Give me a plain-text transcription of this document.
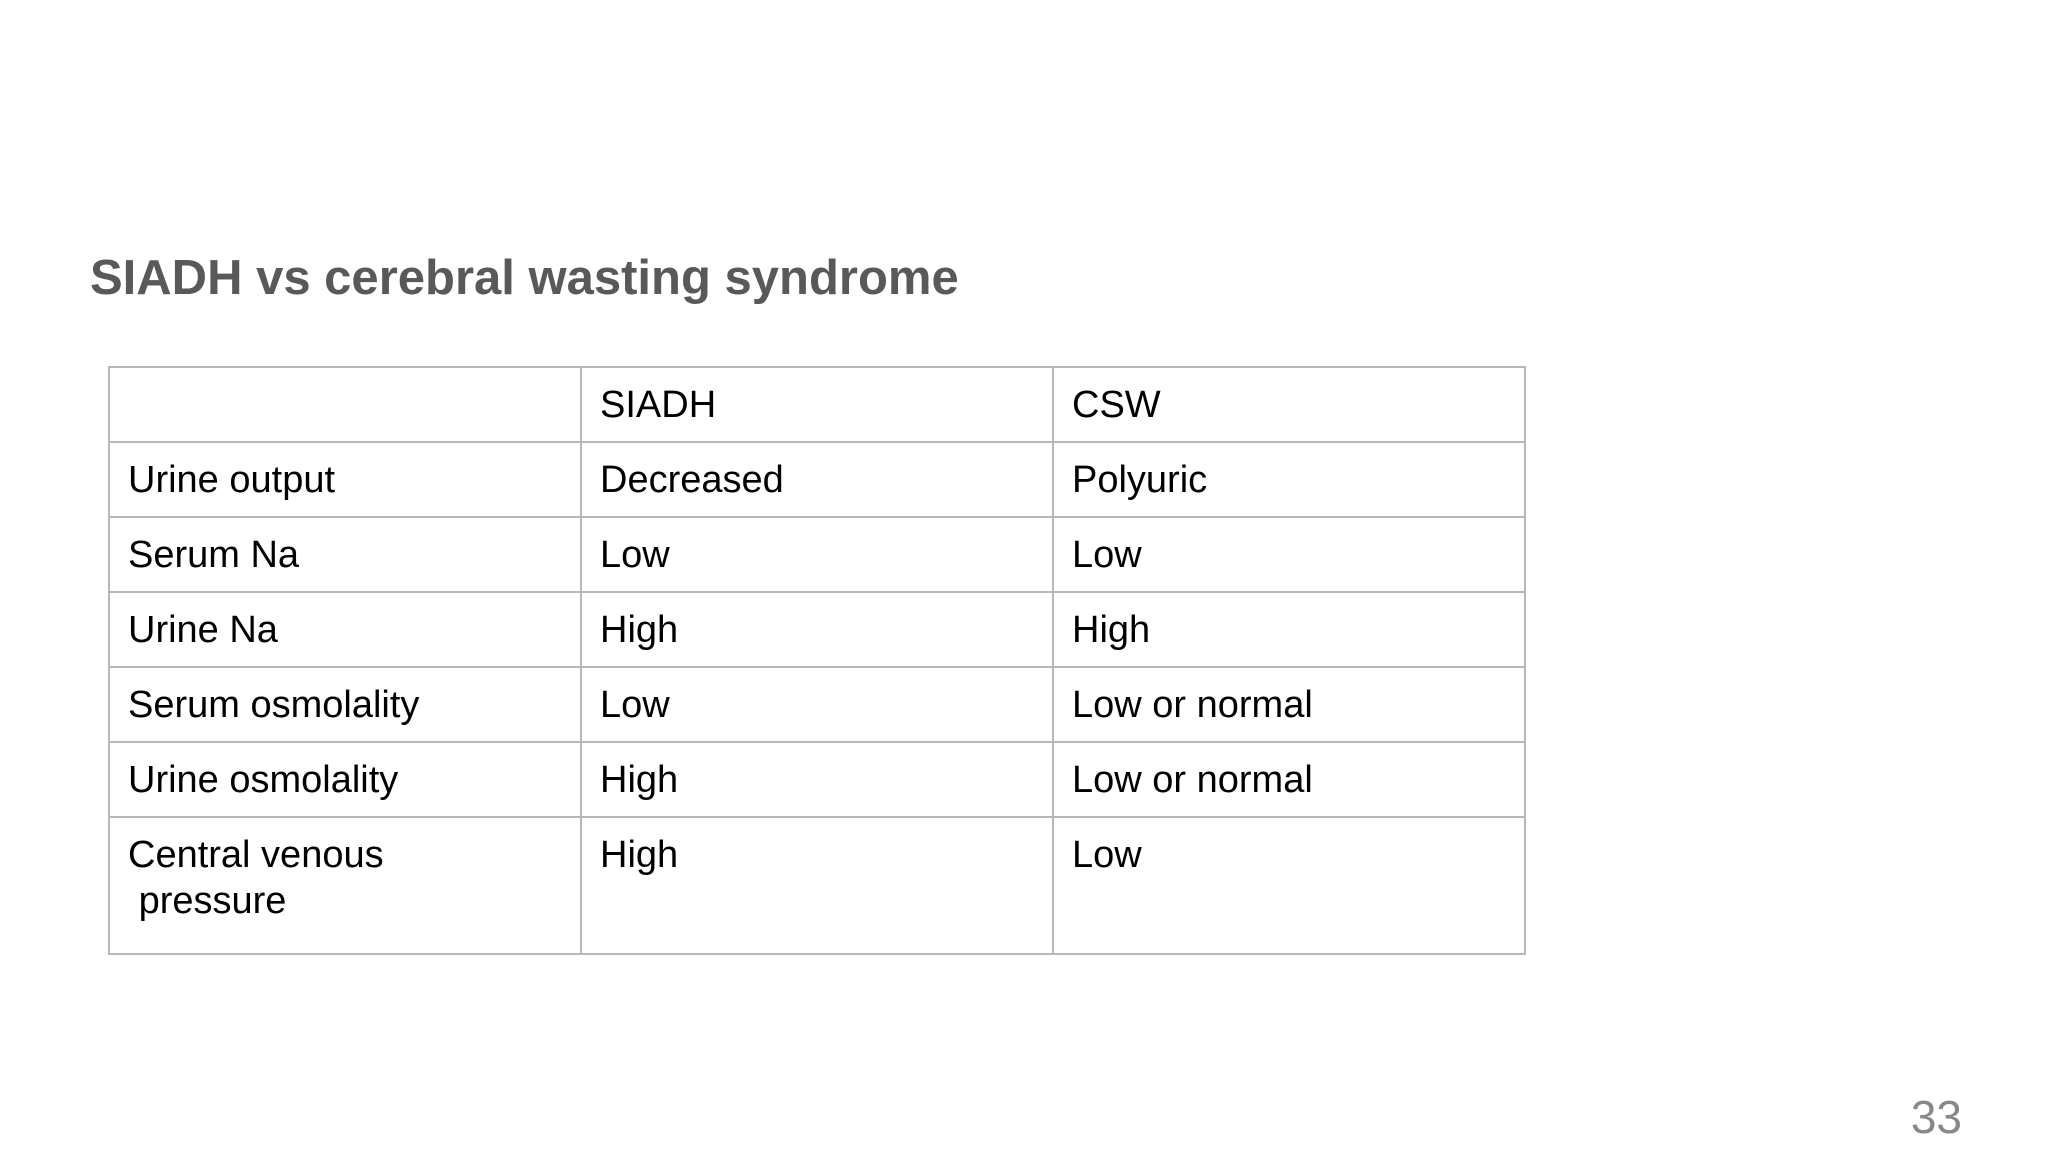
SIADH vs cerebral wasting syndrome
	SIADH	CSW
Urine output	Decreased	Polyuric
Serum Na	Low	Low
Urine Na	High	High
Serum osmolality	Low	Low or normal
Urine osmolality	High	Low or normal
Central venous
pressure	High	Low
33
